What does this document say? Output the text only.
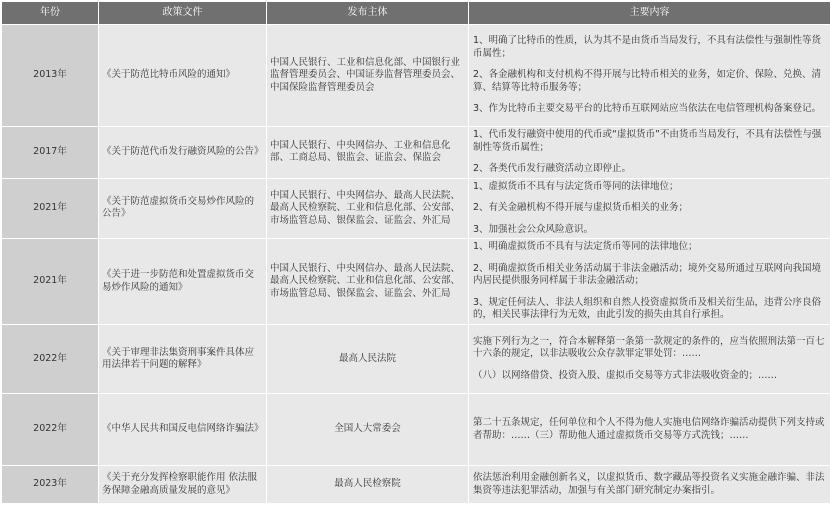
年份	政策文件	发布主体	主要内容
2013年	《关于防范比特币风险的通知》	中国人民银行、工业和信息化部、中国银行业监督管理委员会、中国证券监督管理委员会、中国保险监督管理委员会	1、明确了比特币的性质，认为其不是由货币当局发行，不具有法偿性与强制性等货币属性；
2、各金融机构和支付机构不得开展与比特币相关的业务，如定价、保险、兑换、清算、结算等比特币服务等；
3、作为比特币主要交易平台的比特币互联网站应当依法在电信管理机构备案登记。

2017年	《关于防范代币发行融资风险的公告》	中国人民银行、中央网信办、工业和信息化部、工商总局、银监会、证监会、保监会	1、代币发行融资中使用的代币或“虚拟货币”不由货币当局发行，不具有法偿性与强制性等货币属性；
2、各类代币发行融资活动立即停止。

2021年	《关于防范虚拟货币交易炒作风险的公告》	中国人民银行、中央网信办、最高人民法院、最高人民检察院、工业和信息化部、公安部、市场监管总局、银保监会、证监会、外汇局	1、虚拟货币不具有与法定货币等同的法律地位；
2、有关金融机构不得开展与虚拟货币相关的业务；
3、加强社会公众风险意识。

2021年	《关于进一步防范和处置虚拟货币交易炒作风险的通知》	中国人民银行、中央网信办、最高人民法院、最高人民检察院、工业和信息化部、公安部、市场监管总局、银保监会、证监会、外汇局	1、明确虚拟货币不具有与法定货币等同的法律地位；
2、明确虚拟货币相关业务活动属于非法金融活动；境外交易所通过互联网向我国境内居民提供服务同样属于非法金融活动；
3、规定任何法人、非法人组织和自然人投资虚拟货币及相关衍生品，违背公序良俗的，相关民事法律行为无效，由此引发的损失由其自行承担。

2022年	《关于审理非法集资刑事案件具体应用法律若干问题的解释》	最高人民法院	实施下列行为之一，符合本解释第一条第一款规定的条件的，应当依照刑法第一百七十六条的规定，以非法吸收公众存款罪定罪处罚：……
（八）以网络借贷、投资入股、虚拟币交易等方式非法吸收资金的；……

2022年	《中华人民共和国反电信网络诈骗法》	全国人大常委会	第二十五条规定，任何单位和个人不得为他人实施电信网络诈骗活动提供下列支持或者帮助：……（三）帮助他人通过虚拟货币交易等方式洗钱；……

2023年	《关于充分发挥检察职能作用 依法服务保障金融高质量发展的意见》	最高人民检察院	依法惩治利用金融创新名义，以虚拟货币、数字藏品等投资名义实施金融诈骗、非法集资等违法犯罪活动，加强与有关部门研究制定办案指引。
